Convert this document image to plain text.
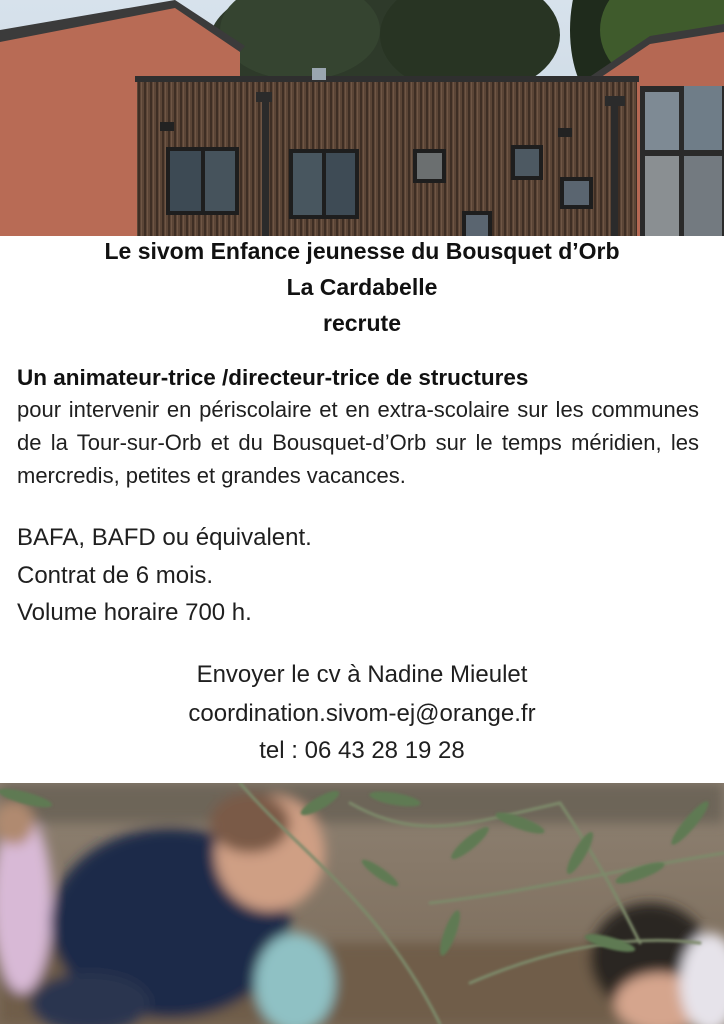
Le sivom Enfance jeunesse du Bousquet d’Orb
La Cardabelle
recrute
Un animateur-trice /directeur-trice de structures
pour intervenir en périscolaire et en extra-scolaire sur les communes de la Tour-sur-Orb et du Bousquet-d’Orb sur le temps méridien, les mercredis, petites et grandes vacances.
BAFA, BAFD ou équivalent.
Contrat de 6 mois.
Volume horaire 700 h.
Envoyer le cv à Nadine Mieulet
coordination.sivom-ej@orange.fr
tel : 06 43 28 19 28
